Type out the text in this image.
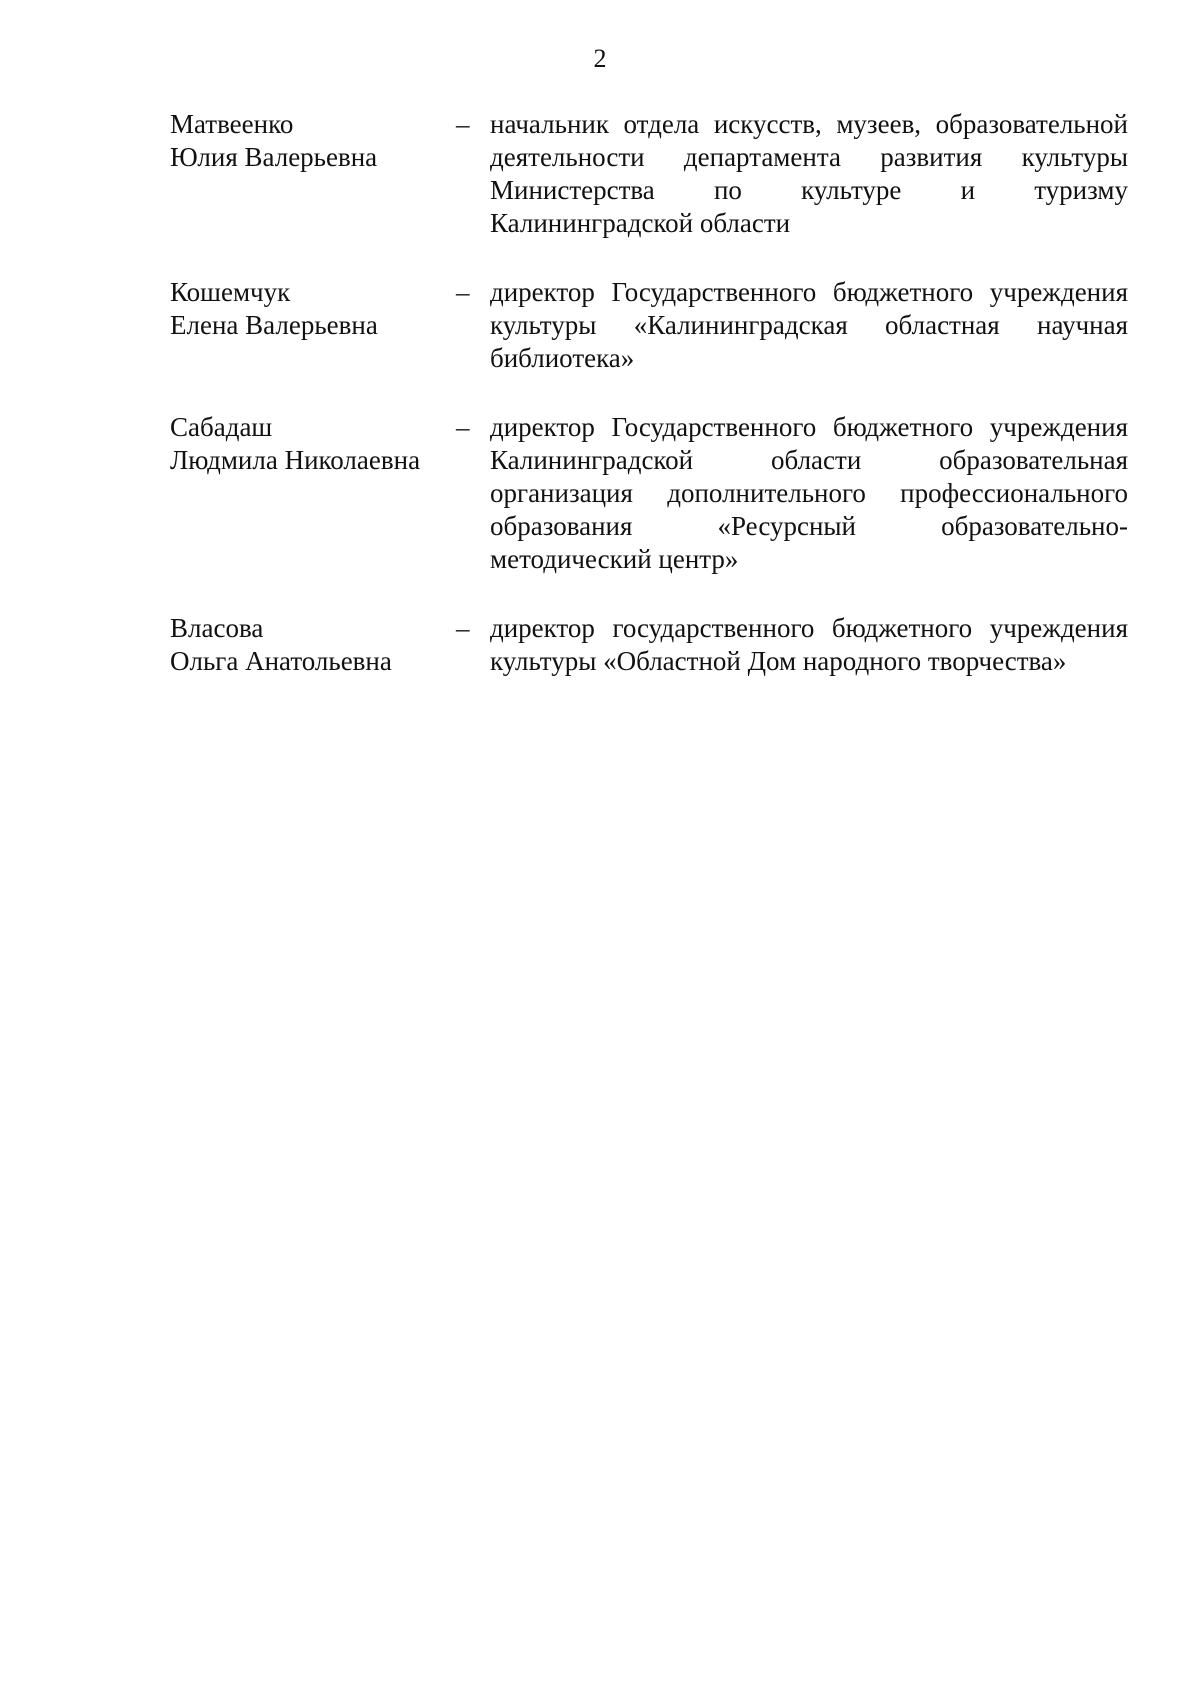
2
Матвеенко
Юлия Валерьевна
– начальник отдела искусств, музеев, образовательной деятельности департамента развития культуры Министерства по культуре и туризму Калининградской области
Кошемчук
Елена Валерьевна
– директор Государственного бюджетного учреждения культуры «Калининградская областная научная библиотека»
Сабадаш
Людмила Николаевна
– директор Государственного бюджетного учреждения Калининградской области образовательная организация дополнительного профессионального образования «Ресурсный образовательно-методический центр»
Власова
Ольга Анатольевна
– директор государственного бюджетного учреждения культуры «Областной Дом народного творчества»
